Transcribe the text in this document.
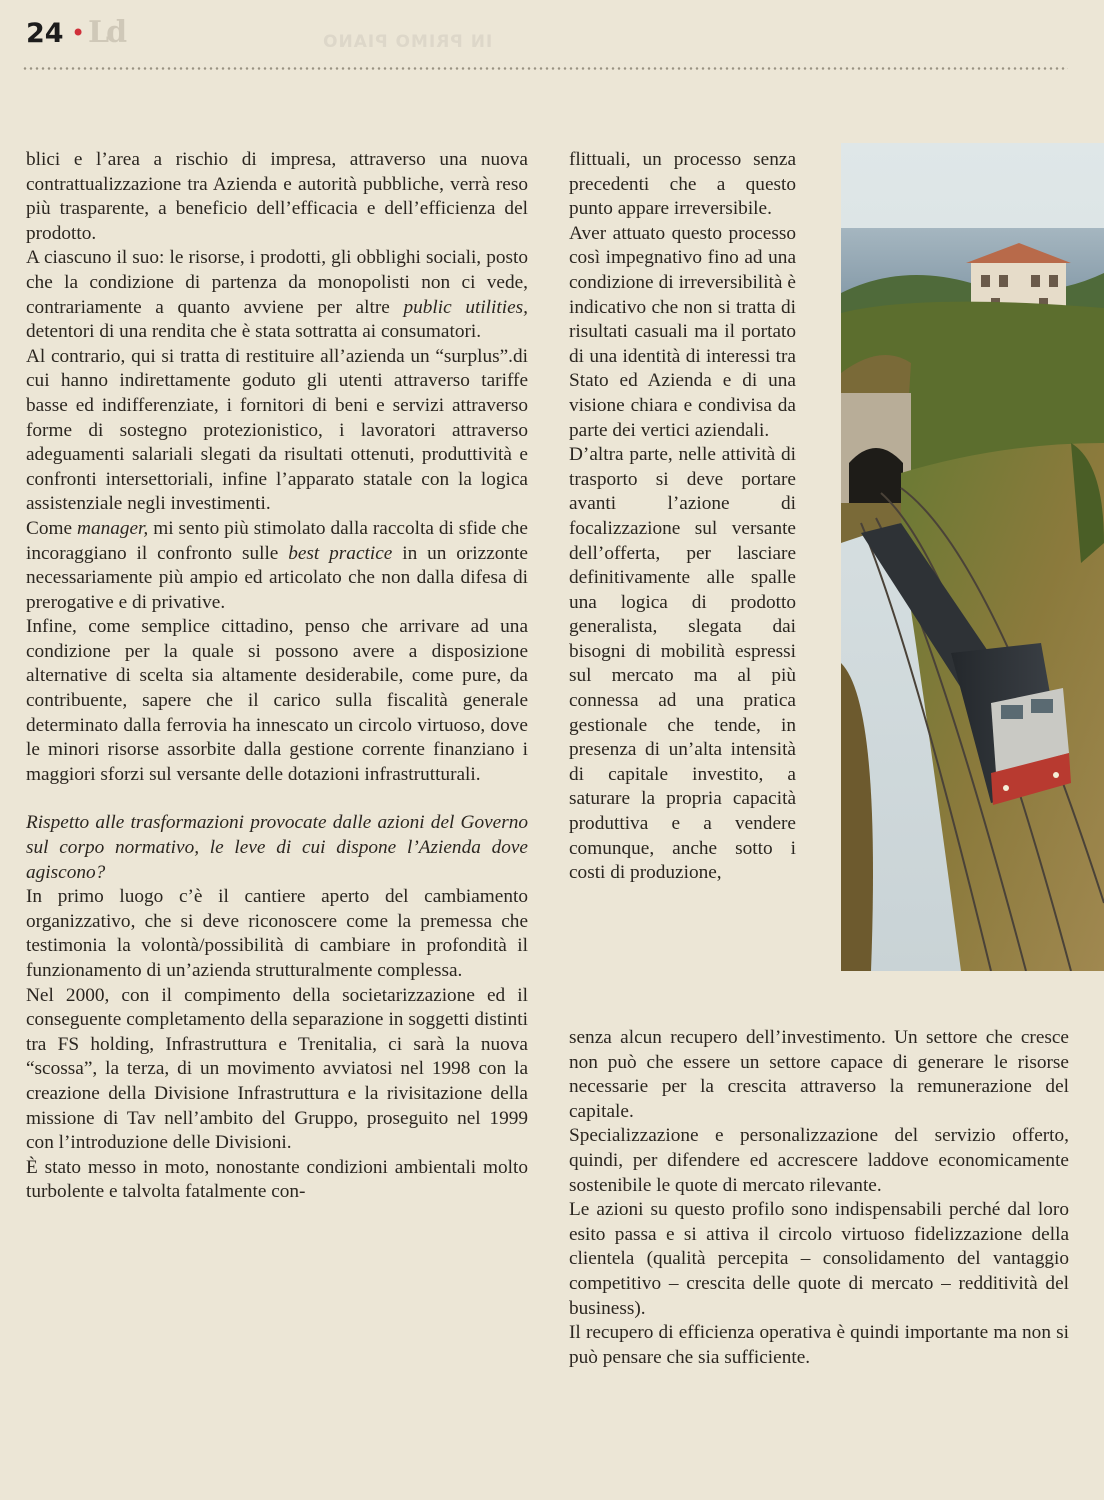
24 • Ld	IN PRIMO PIANO

blici e l’area a rischio di impresa, attraverso una nuova contrattualizzazione tra Azienda e autorità pubbliche, verrà reso più trasparente, a beneficio dell’efficacia e dell’efficienza del prodotto.

A ciascuno il suo: le risorse, i prodotti, gli obblighi sociali, posto che la condizione di partenza da monopolisti non ci vede, contrariamente a quanto avviene per altre public utilities, detentori di una rendita che è stata sottratta ai consumatori.

Al contrario, qui si tratta di restituire all’azienda un “surplus”.di cui hanno indirettamente goduto gli utenti attraverso tariffe basse ed indifferenziate, i fornitori di beni e servizi attraverso forme di sostegno protezionistico, i lavoratori attraverso adeguamenti salariali slegati da risultati ottenuti, produttività e confronti intersettoriali, infine l’apparato statale con la logica assistenziale negli investimenti.

Come manager, mi sento più stimolato dalla raccolta di sfide che incoraggiano il confronto sulle best practice in un orizzonte necessariamente più ampio ed articolato che non dalla difesa di prerogative e di privative.

Infine, come semplice cittadino, penso che arrivare ad una condizione per la quale si possono avere a disposizione alternative di scelta sia altamente desiderabile, come pure, da contribuente, sapere che il carico sulla fiscalità generale determinato dalla ferrovia ha innescato un circolo virtuoso, dove le minori risorse assorbite dalla gestione corrente finanziano i maggiori sforzi sul versante delle dotazioni infrastrutturali.

Rispetto alle trasformazioni provocate dalle azioni del Governo sul corpo normativo, le leve di cui dispone l’Azienda dove agiscono?

In primo luogo c’è il cantiere aperto del cambiamento organizzativo, che si deve riconoscere come la premessa che testimonia la volontà/possibilità di cambiare in profondità il funzionamento di un’azienda strutturalmente complessa.

Nel 2000, con il compimento della societarizzazione ed il conseguente completamento della separazione in soggetti distinti tra FS holding, Infrastruttura e Trenitalia, ci sarà la nuova “scossa”, la terza, di un movimento avviatosi nel 1998 con la creazione della Divisione Infrastruttura e la rivisitazione della missione di Tav nell’ambito del Gruppo, proseguito nel 1999 con l’introduzione delle Divisioni.

È stato messo in moto, nonostante condizioni ambientali molto turbolente e talvolta fatalmente con-

flittuali, un processo senza precedenti che a questo punto appare irreversibile.

Aver attuato questo processo così impegnativo fino ad una condizione di irreversibilità è indicativo che non si tratta di risultati casuali ma il portato di una identità di interessi tra Stato ed Azienda e di una visione chiara e condivisa da parte dei vertici aziendali.

D’altra parte, nelle attività di trasporto si deve portare avanti l’azione di focalizzazione sul versante dell’offerta, per lasciare definitivamente alle spalle una logica di prodotto generalista, slegata dai bisogni di mobilità espressi sul mercato ma al più connessa ad una pratica gestionale che tende, in presenza di un’alta intensità di capitale investito, a saturare la propria capacità produttiva e a vendere comunque, anche sotto i costi di produzione,

senza alcun recupero dell’investimento. Un settore che cresce non può che essere un settore capace di generare le risorse necessarie per la crescita attraverso la remunerazione del capitale.

Specializzazione e personalizzazione del servizio offerto, quindi, per difendere ed accrescere laddove economicamente sostenibile le quote di mercato rilevante.

Le azioni su questo profilo sono indispensabili perché dal loro esito passa e si attiva il circolo virtuoso fidelizzazione della clientela (qualità percepita – consolidamento del vantaggio competitivo – crescita delle quote di mercato – redditività del business).

Il recupero di efficienza operativa è quindi importante ma non si può pensare che sia sufficiente.
